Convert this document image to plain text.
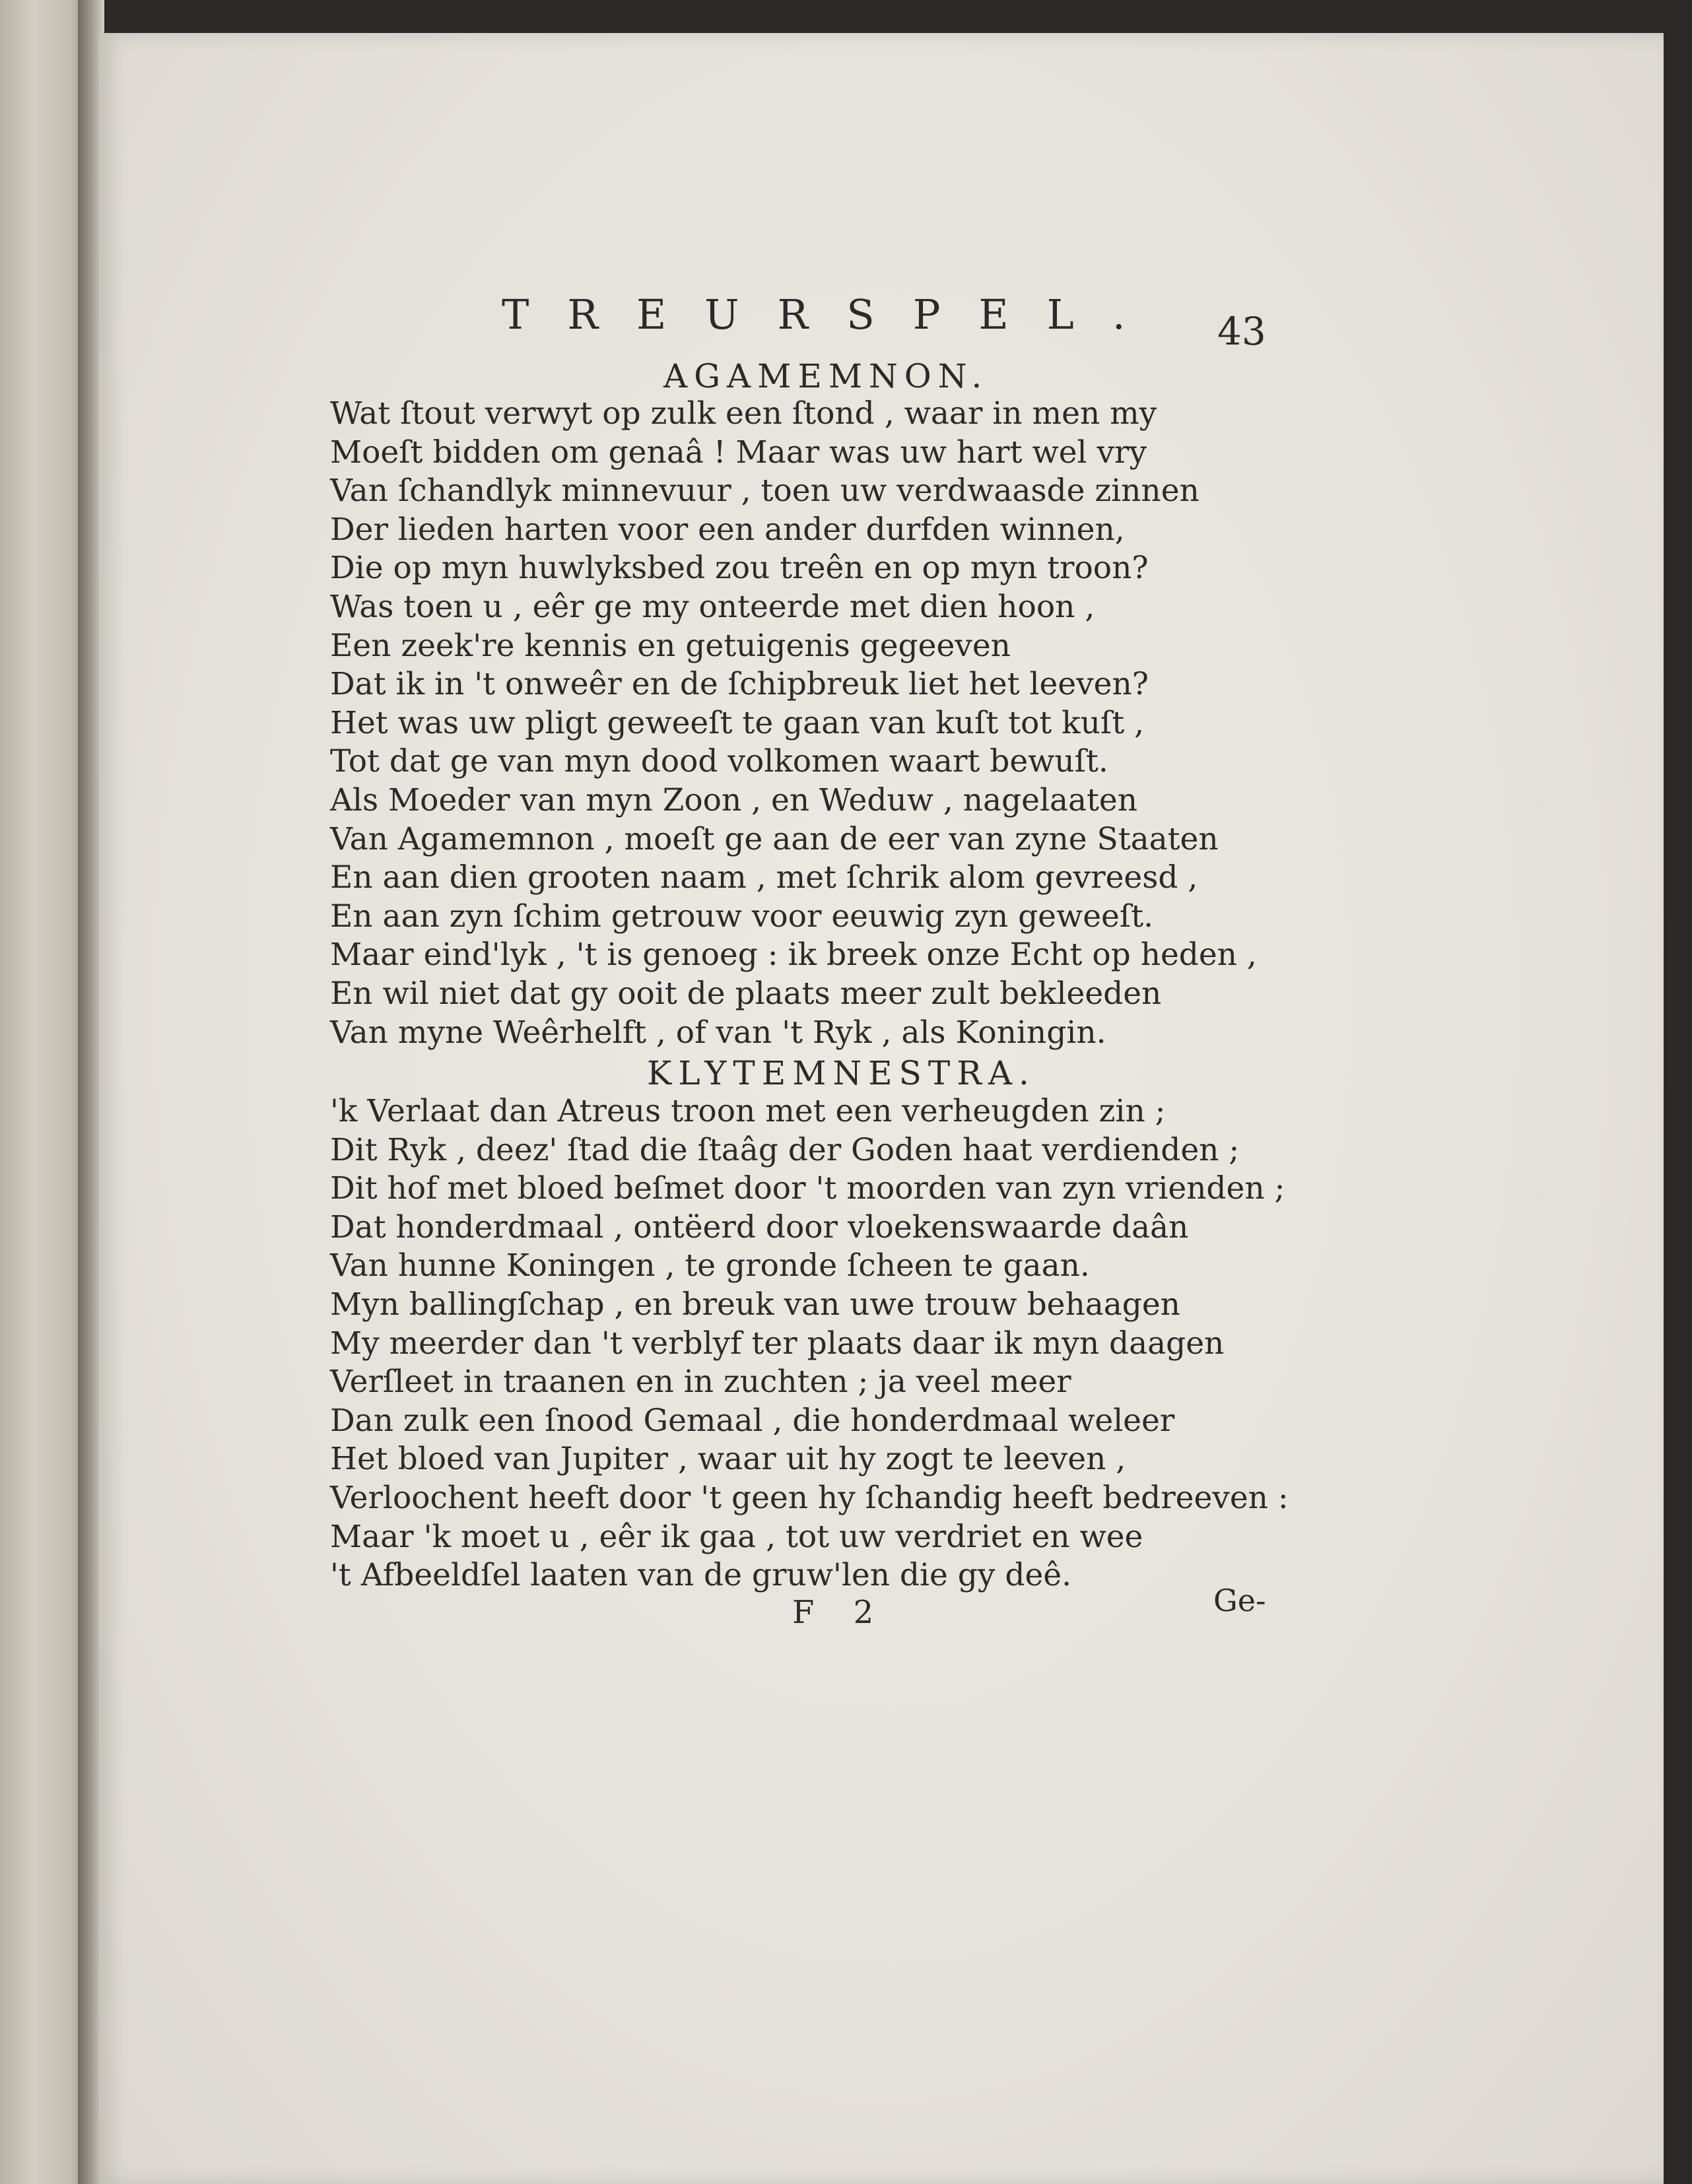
TREURSPEL. 43
AGAMEMNON.
Wat ſtout verwyt op zulk een ſtond , waar in men my
Moeſt bidden om genaâ ! Maar was uw hart wel vry
Van ſchandlyk minnevuur , toen uw verdwaasde zinnen
Der lieden harten voor een ander durfden winnen,
Die op myn huwlyksbed zou treên en op myn troon?
Was toen u , eêr ge my onteerde met dien hoon ,
Een zeek're kennis en getuigenis gegeeven
Dat ik in 't onweêr en de ſchipbreuk liet het leeven?
Het was uw pligt geweeſt te gaan van kuſt tot kuſt ,
Tot dat ge van myn dood volkomen waart bewuſt.
Als Moeder van myn Zoon , en Weduw , nagelaaten
Van Agamemnon , moeſt ge aan de eer van zyne Staaten
En aan dien grooten naam , met ſchrik alom gevreesd ,
En aan zyn ſchim getrouw voor eeuwig zyn geweeſt.
Maar eind'lyk , 't is genoeg : ik breek onze Echt op heden ,
En wil niet dat gy ooit de plaats meer zult bekleeden
Van myne Weêrhelft , of van 't Ryk , als Koningin.
KLYTEMNESTRA.
'k Verlaat dan Atreus troon met een verheugden zin ;
Dit Ryk , deez' ſtad die ſtaâg der Goden haat verdienden ;
Dit hof met bloed beſmet door 't moorden van zyn vrienden ;
Dat honderdmaal , ontëerd door vloekenswaarde daân
Van hunne Koningen , te gronde ſcheen te gaan.
Myn ballingſchap , en breuk van uwe trouw behaagen
My meerder dan 't verblyf ter plaats daar ik myn daagen
Verſleet in traanen en in zuchten ; ja veel meer
Dan zulk een ſnood Gemaal , die honderdmaal weleer
Het bloed van Jupiter , waar uit hy zogt te leeven ,
Verloochent heeft door 't geen hy ſchandig heeft bedreeven :
Maar 'k moet u , eêr ik gaa , tot uw verdriet en wee
't Afbeeldſel laaten van de gruw'len die gy deê.
F 2	Ge-
